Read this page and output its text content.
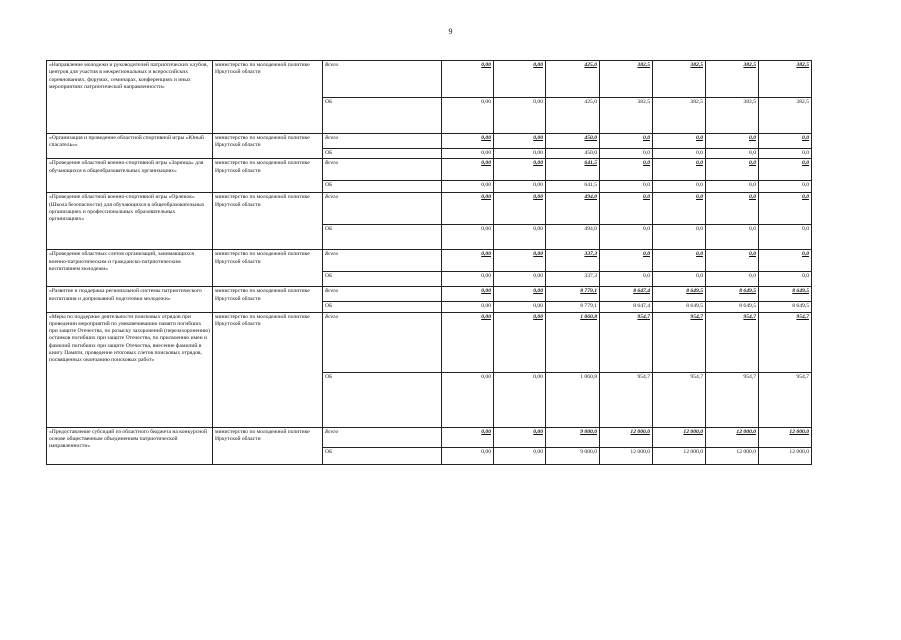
9
«Направление молодежи и руководителей патриотических клубов, центров для участия в межрегиональных и всероссийских соревнованиях, форумах, семинарах, конференциях и иных мероприятиях патриотической направленности»	министерство по молодежной политике Иркутской области	Всего	0,00	0,00	425,0	382,5	382,5	382,5	382,5
		ОБ	0,00	0,00	425,0	382,5	382,5	382,5	382,5
«Организация и проведение областной спортивной игры «Юный спасатель»»	министерство по молодежной политике Иркутской области	Всего	0,00	0,00	450,0	0,0	0,0	0,0	0,0
		ОБ	0,00	0,00	450,0	0,0	0,0	0,0	0,0
«Проведение областной военно-спортивной игры «Зарница» для обучающихся в общеобразовательных организациях»	министерство по молодежной политике Иркутской области	Всего	0,00	0,00	641,5	0,0	0,0	0,0	0,0
		ОБ	0,00	0,00	641,5	0,0	0,0	0,0	0,0
«Проведение областной военно-спортивной игры «Орленок» (Школа безопасности) для обучающихся в общеобразовательных организациях и профессиональных образовательных организациях»	министерство по молодежной политике Иркутской области	Всего	0,00	0,00	494,0	0,0	0,0	0,0	0,0
		ОБ	0,00	0,00	494,0	0,0	0,0	0,0	0,0
«Проведение областных слетов организаций, занимающихся военно-патриотическим и гражданско-патриотическим воспитанием молодежи»	министерство по молодежной политике Иркутской области	Всего	0,00	0,00	337,3	0,0	0,0	0,0	0,0
		ОБ	0,00	0,00	337,3	0,0	0,0	0,0	0,0
«Развитие и поддержка региональной системы патриотического воспитания и допризывной подготовки молодежи»	министерство по молодежной политике Иркутской области	Всего	0,00	0,00	8 779,1	8 647,4	8 649,5	8 649,5	8 649,5
		ОБ	0,00	0,00	8 779,1	8 647,4	8 649,5	8 649,5	8 649,5
«Меры по поддержке деятельности поисковых отрядов при проведении мероприятий по увековечиванию памяти погибших при защите Отечества, по розыску захоронений (перезахоронению) останков погибших при защите Отечества, по присвоению имен и фамилий погибших при защите Отечества, внесение фамилий в книгу Памяти, проведение итоговых слетов поисковых отрядов, посвященных окончанию поисковых работ»	министерство по молодежной политике Иркутской области	Всего	0,00	0,00	1 060,8	954,7	954,7	954,7	954,7
		ОБ	0,00	0,00	1 060,8	954,7	954,7	954,7	954,7
«Предоставление субсидий из областного бюджета на конкурсной основе общественным объединениям патриотической направленности»	министерство по молодежной политике Иркутской области	Всего	0,00	0,00	9 000,0	12 000,0	12 000,0	12 000,0	12 000,0
		ОБ	0,00	0,00	9 000,0	12 000,0	12 000,0	12 000,0	12 000,0
